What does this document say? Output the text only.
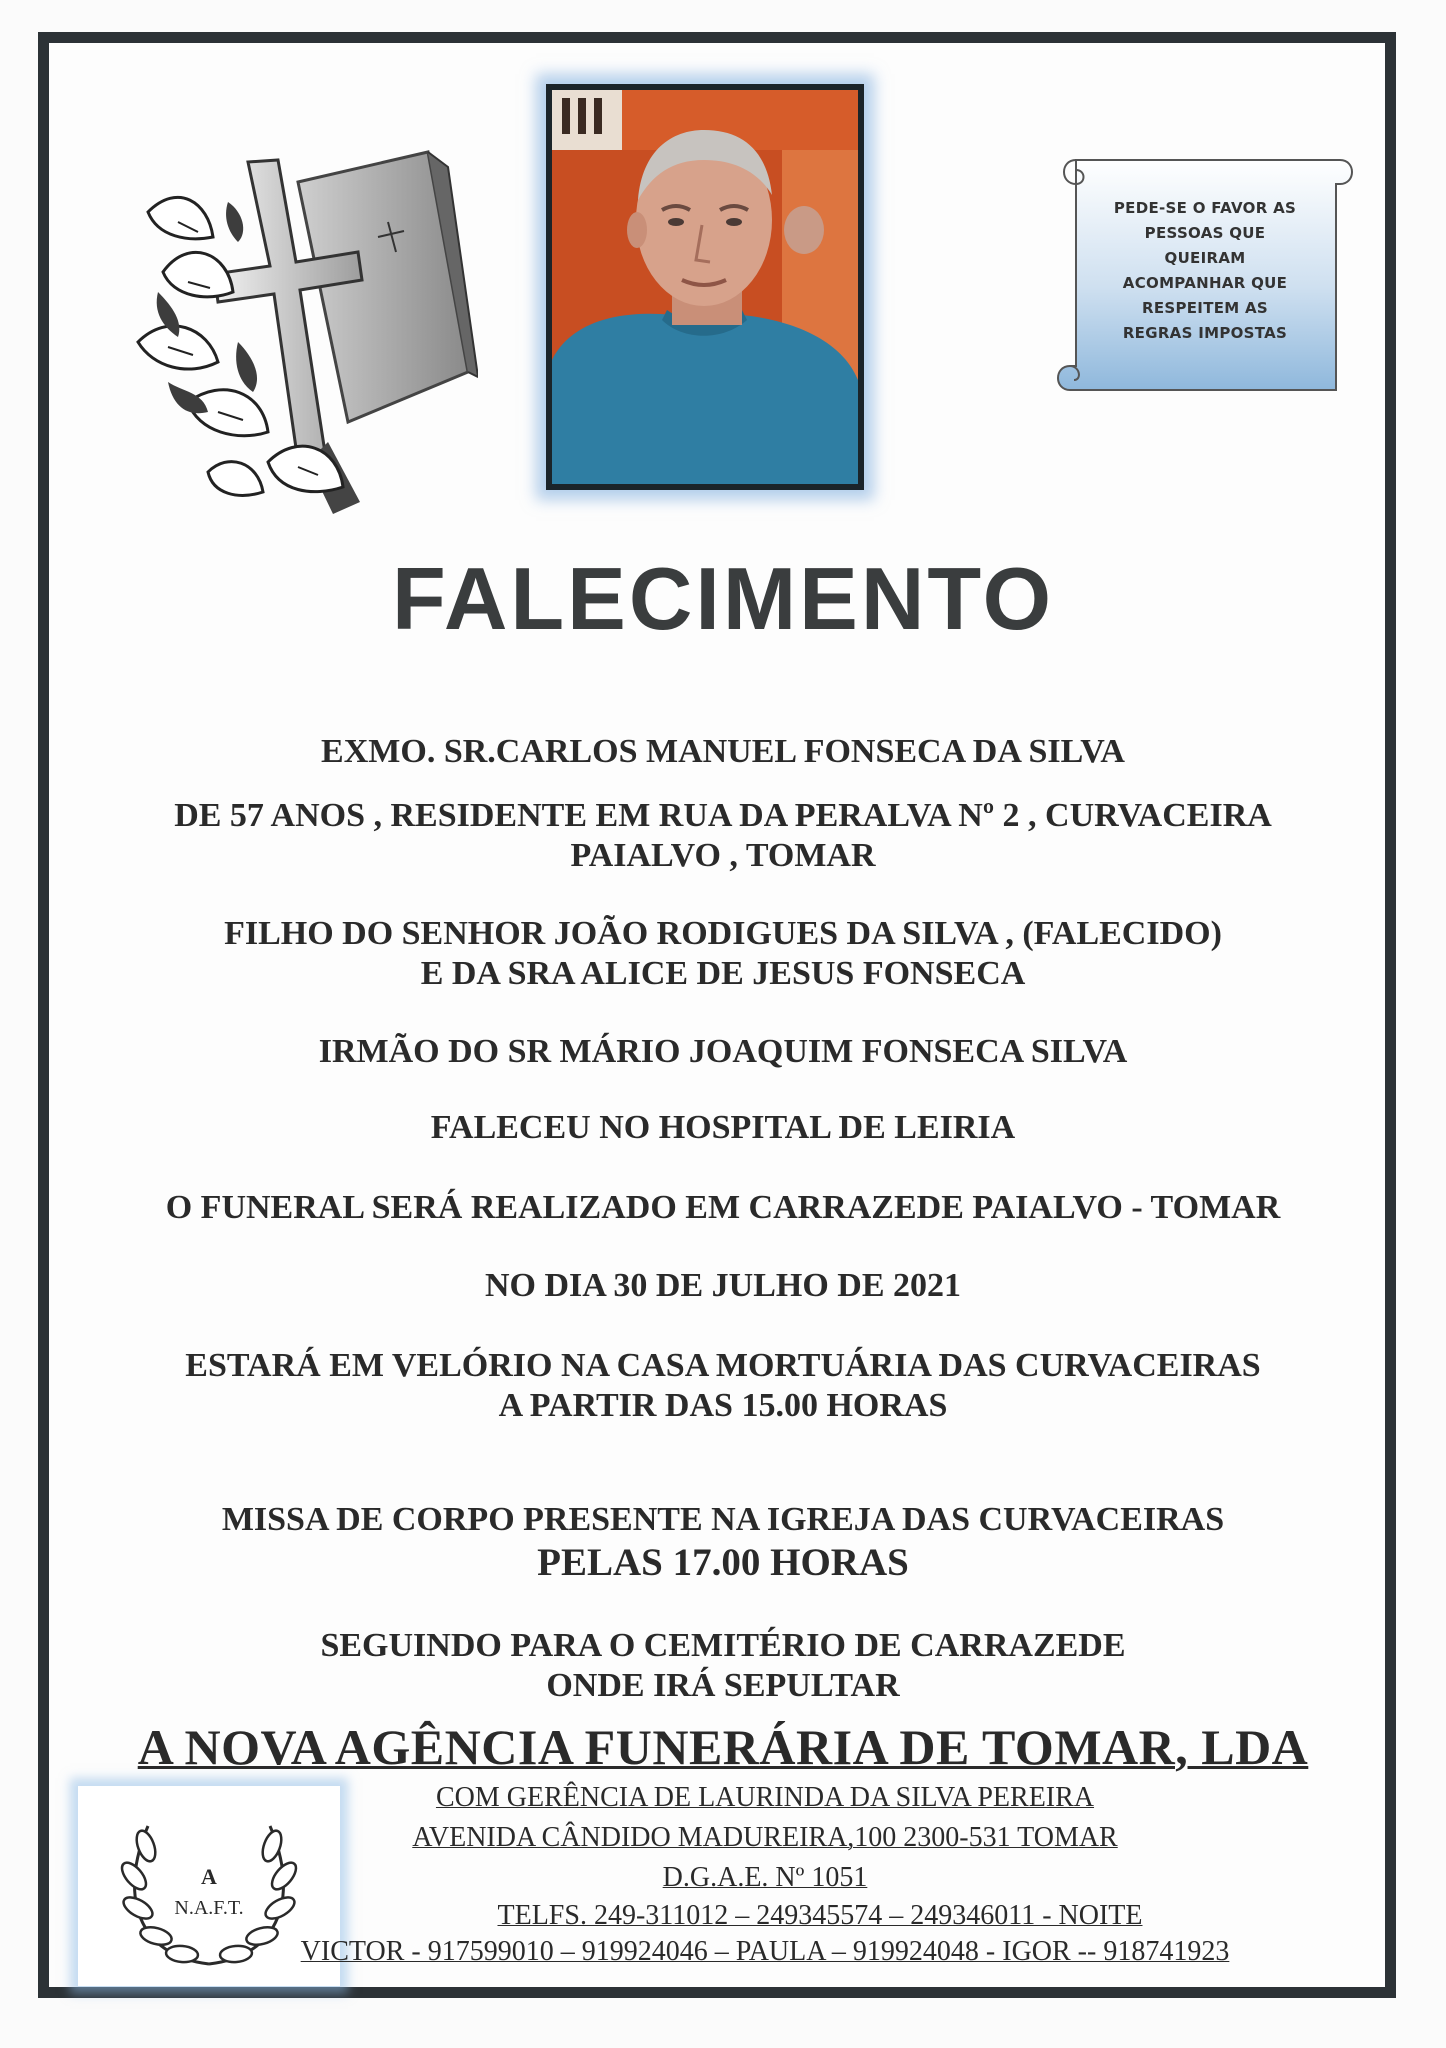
PEDE-SE O FAVOR AS
PESSOAS QUE
QUEIRAM
ACOMPANHAR QUE
RESPEITEM AS
REGRAS IMPOSTAS
FALECIMENTO
EXMO. SR.CARLOS MANUEL FONSECA DA SILVA
DE 57 ANOS , RESIDENTE EM RUA DA PERALVA Nº 2 , CURVACEIRA
PAIALVO , TOMAR
FILHO DO SENHOR JOÃO RODIGUES DA SILVA , (FALECIDO)
E DA SRA ALICE DE JESUS FONSECA
IRMÃO DO SR MÁRIO JOAQUIM FONSECA SILVA
FALECEU NO HOSPITAL DE LEIRIA
O FUNERAL SERÁ REALIZADO EM CARRAZEDE PAIALVO - TOMAR
NO DIA 30 DE JULHO DE 2021
ESTARÁ EM VELÓRIO NA CASA MORTUÁRIA DAS CURVACEIRAS
A PARTIR DAS 15.00 HORAS
MISSA DE CORPO PRESENTE NA IGREJA DAS CURVACEIRAS
PELAS 17.00 HORAS
SEGUINDO PARA O CEMITÉRIO DE CARRAZEDE
ONDE IRÁ SEPULTAR
A NOVA AGÊNCIA FUNERÁRIA DE TOMAR, LDA
A
N.A.F.T.
COM GERÊNCIA DE LAURINDA DA SILVA PEREIRA
AVENIDA CÂNDIDO MADUREIRA,100 2300-531 TOMAR
D.G.A.E. Nº 1051
TELFS. 249-311012 – 249345574 – 249346011 - NOITE
VICTOR - 917599010 – 919924046 – PAULA – 919924048 - IGOR -- 918741923
